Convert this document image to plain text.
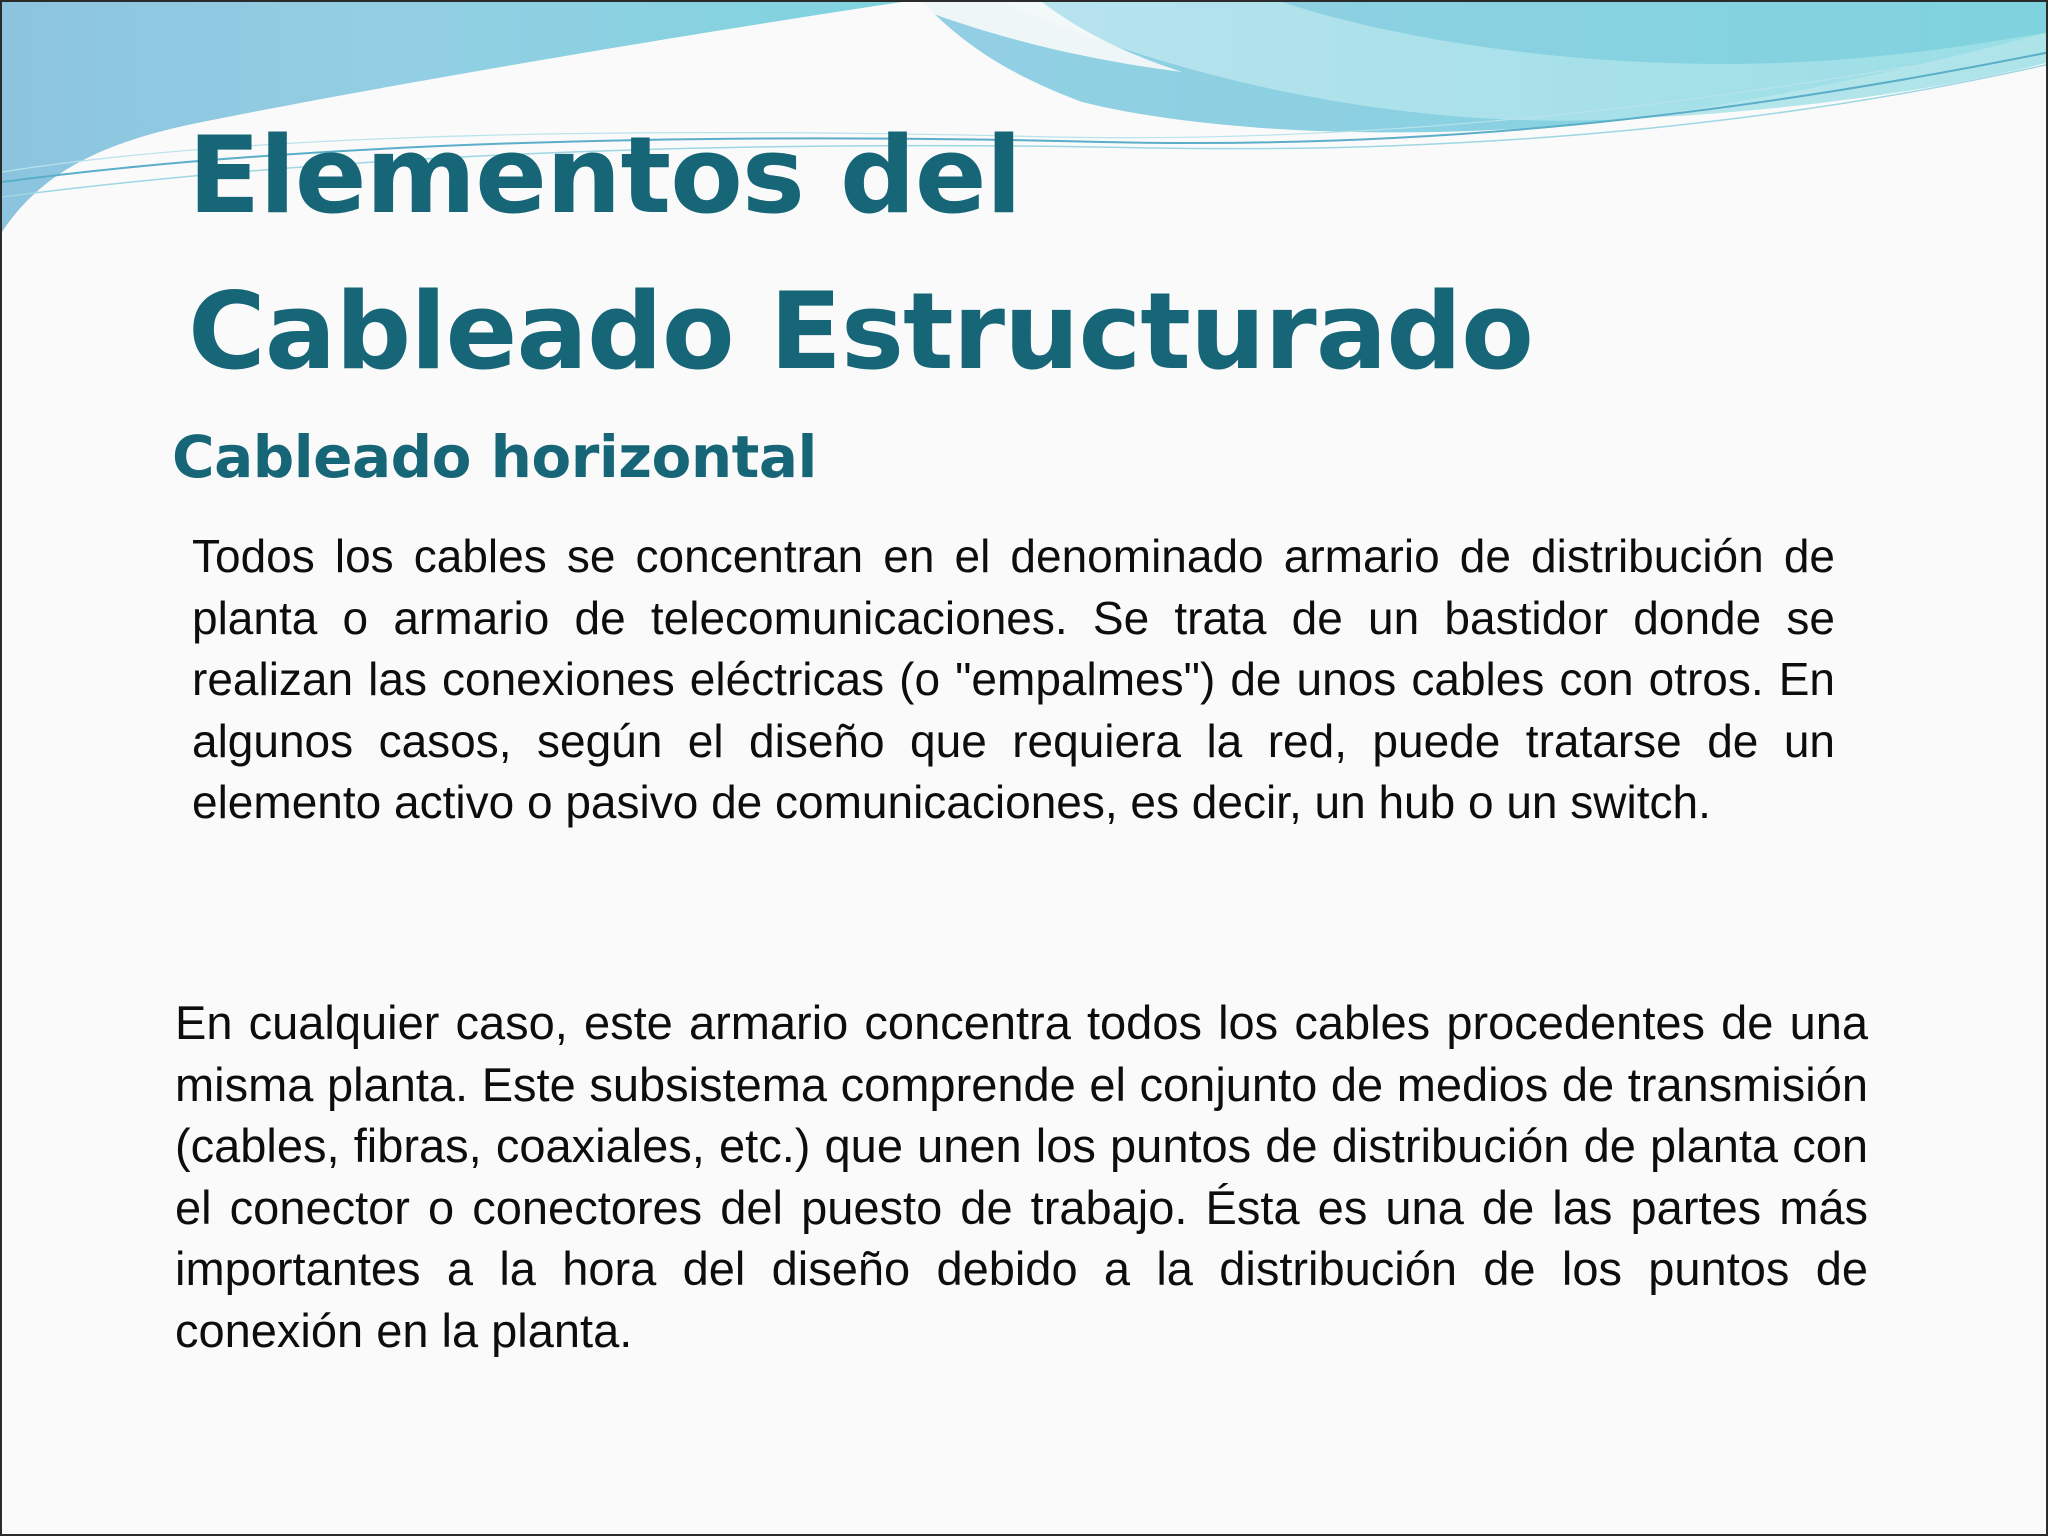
Elementos del
Cableado Estructurado
Cableado horizontal

Todos los cables se concentran en el denominado armario de distribución de planta o armario de telecomunicaciones. Se trata de un bastidor donde se realizan las conexiones eléctricas (o "empalmes") de unos cables con otros. En algunos casos, según el diseño que requiera la red, puede tratarse de un elemento activo o pasivo de comunicaciones, es decir, un hub o un switch.

En cualquier caso, este armario concentra todos los cables procedentes de una misma planta. Este subsistema comprende el conjunto de medios de transmisión (cables, fibras, coaxiales, etc.) que unen los puntos de distribución de planta con el conector o conectores del puesto de trabajo. Ésta es una de las partes más importantes a la hora del diseño debido a la distribución de los puntos de conexión en la planta.
